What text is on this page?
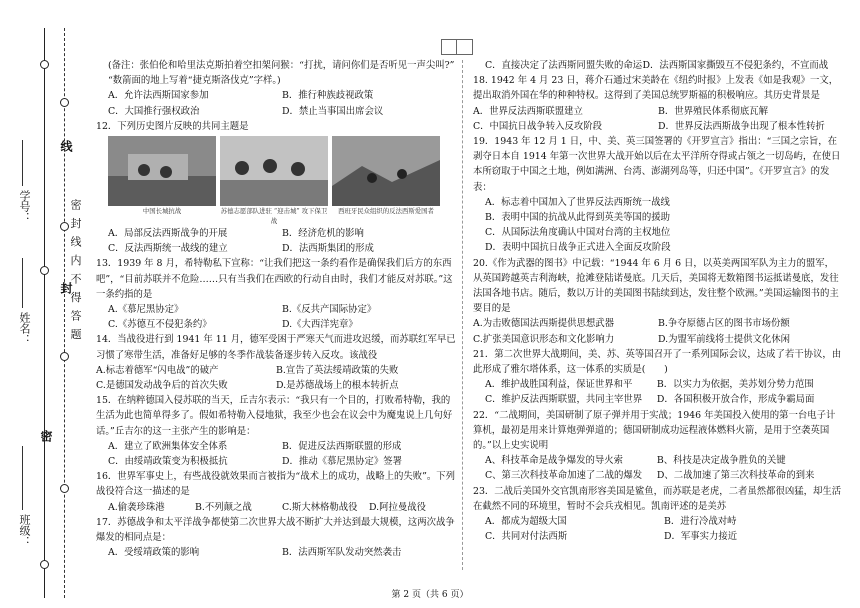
密 封 线 内 不 得 答 题
线
封
密
学号：
姓名：
班级：

(备注：张伯伦和哈里法克斯拍着空扣架问猴：“打扰，请问你们是否听见一声尖叫?” “数箭面的地上写着“捷克斯洛伐克”字样。)

A．允许法西斯国家参加	B．推行种族歧视政策
C．大国推行强权政治	D．禁止当事国出席会议

12．下列历史图片反映的共同主题是

中国长城抗战	苏德志愿部队进驻 “迎击城” 攻下保卫战
西班牙民众组织的反法西斯爱国者
A．局部反法西斯战争的开展	B．经济危机的影响
C．反法西斯统一战线的建立	D．法西斯集团的形成

13．1939 年 8 月，希特勒私下宣称：“让我们把这一条约看作是确保我们后方的东西吧”，“目前苏联并不危险……只有当我们在西欧的行动自由时，我们才能反对苏联。”这一条约指的是

A.《慕尼黑协定》	B.《反共产国际协定》
C.《苏德互不侵犯条约》	D.《大西洋宪章》

14．当战役进行到 1941 年 11 月，德军受困于严寒天气而进攻迟缓，而苏联红军早已习惯了寒带生活，准备好足够的冬季作战装备逐步转入反攻。该战役

A.标志着德军“闪电战”的破产	B.宣告了英法绥靖政策的失败
C.是德国发动战争后的首次失败	D.是苏德战场上的根本转折点

15．在纳粹德国入侵苏联的当天，丘吉尔表示：“我只有一个目的，打败希特勒，我的生活为此也简单得多了。假如希特勒入侵地狱，我至少也会在议会中为魔鬼说上几句好话。”丘吉尔的这一主张产生的影响是：

A．建立了欧洲集体安全体系	B．促进反法西斯联盟的形成
C．由绥靖政策变为积极抵抗	D．推动《慕尼黑协定》签署

16．世界军事史上，有些战役就效果而言被指为“战术上的成功，战略上的失败”。下列战役符合这一描述的是

A.偷袭珍珠港	B.不列颠之战	C.斯大林格勒战役	D.阿拉曼战役

17．苏德战争和太平洋战争都使第二次世界大战不断扩大并达到最大规模，这两次战争爆发的相同点是：

A．受绥靖政策的影响	B．法西斯军队发动突然袭击
C．直接决定了法西斯同盟失败的命运 D．法西斯国家撕毁互不侵犯条约，不宣而战

18. 1942 年 4 月 23 日，蒋介石通过宋美龄在《纽约时报》上发表《如是我观》一文，提出取消外国在华的种种特权。这得到了美国总统罗斯福的积极响应。其历史背景是

A．世界反法西斯联盟建立	B．世界殖民体系彻底瓦解
C．中国抗日战争转入反攻阶段	D．世界反法西斯战争出现了根本性转折

19．1943 年 12 月 1 日，中、美、英三国签署的《开罗宣言》指出：“三国之宗旨，在剥夺日本自 1914 年第一次世界大战开始以后在太平洋所夺得或占领之一切岛屿，在使日本所窃取于中国之土地，例如满洲、台湾、澎湖列岛等，归还中国”。《开罗宣言》的发表：

A．标志着中国加入了世界反法西斯统一战线

B．表明中国的抗战从此得到英美等国的援助

C．从国际法角度确认中国对台湾的主权地位

D．表明中国抗日战争正式进入全面反攻阶段

20.《作为武器的图书》中记载：“1944 年 6 月 6 日，以英美两国军队为主力的盟军，从英国跨越英吉利海峡，抢滩登陆诺曼底。几天后，美国将无数箱图书运抵诺曼底，发往法国各地书店。随后，数以万计的美国图书陆续到达，发往整个欧洲。”美国运输图书的主要目的是

A.为击败德国法西斯提供思想武器	B.争夺原德占区的图书市场份额
C.扩张美国意识形态和文化影响力	D.为盟军前线将士提供文化休闲

21．第二次世界大战期间，美、苏、英等国召开了一系列国际会议，达成了若干协议，由此形成了雅尔塔体系，这一体系的实质是(　　)

A．维护战胜国利益，保证世界和平	B．以实力为依据，美苏划分势力范围
C．维护反法西斯联盟，共同主宰世界	D．各国积极开放合作，形成争霸局面

22．“二战期间，美国研制了原子弹并用于实战；1946 年美国投入使用的第一台电子计算机，最初是用来计算炮弹弹道的；德国研制成功远程液体燃料火箭，是用于空袭英国的。”以上史实说明

A、科技革命是战争爆发的导火索	B、科技是决定战争胜负的关键
C、第三次科技革命加速了二战的爆发	D、二战加速了第三次科技革命的到来

23．二战后美国外交官凯南形容美国是鲨鱼，而苏联是老虎，二者虽然都很凶猛，却生活在截然不同的环境里，暂时不会兵戎相见。凯南评述的是美苏

A．都成为超级大国	B．进行冷战对峙
C．共同对付法西斯	D．军事实力接近
第 2 页（共 6 页）
